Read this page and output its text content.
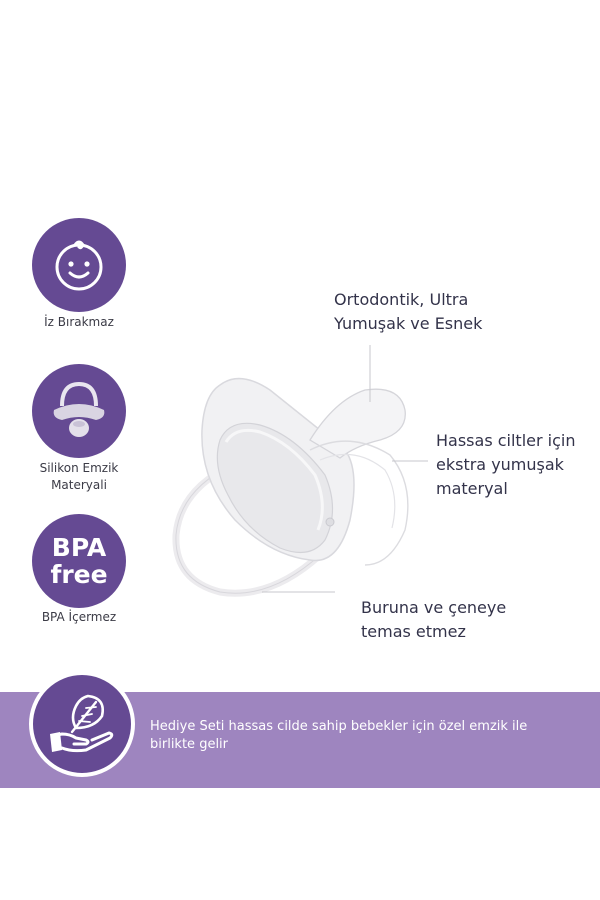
İz Bırakmaz
Silikon Emzik
Materyali
BPA
free
BPA İçermez
Ortodontik, Ultra
Yumuşak ve Esnek
Hassas ciltler için
ekstra yumuşak
materyal
Buruna ve çeneye
temas etmez
Hediye Seti hassas cilde sahip bebekler için özel emzik ile birlikte gelir
